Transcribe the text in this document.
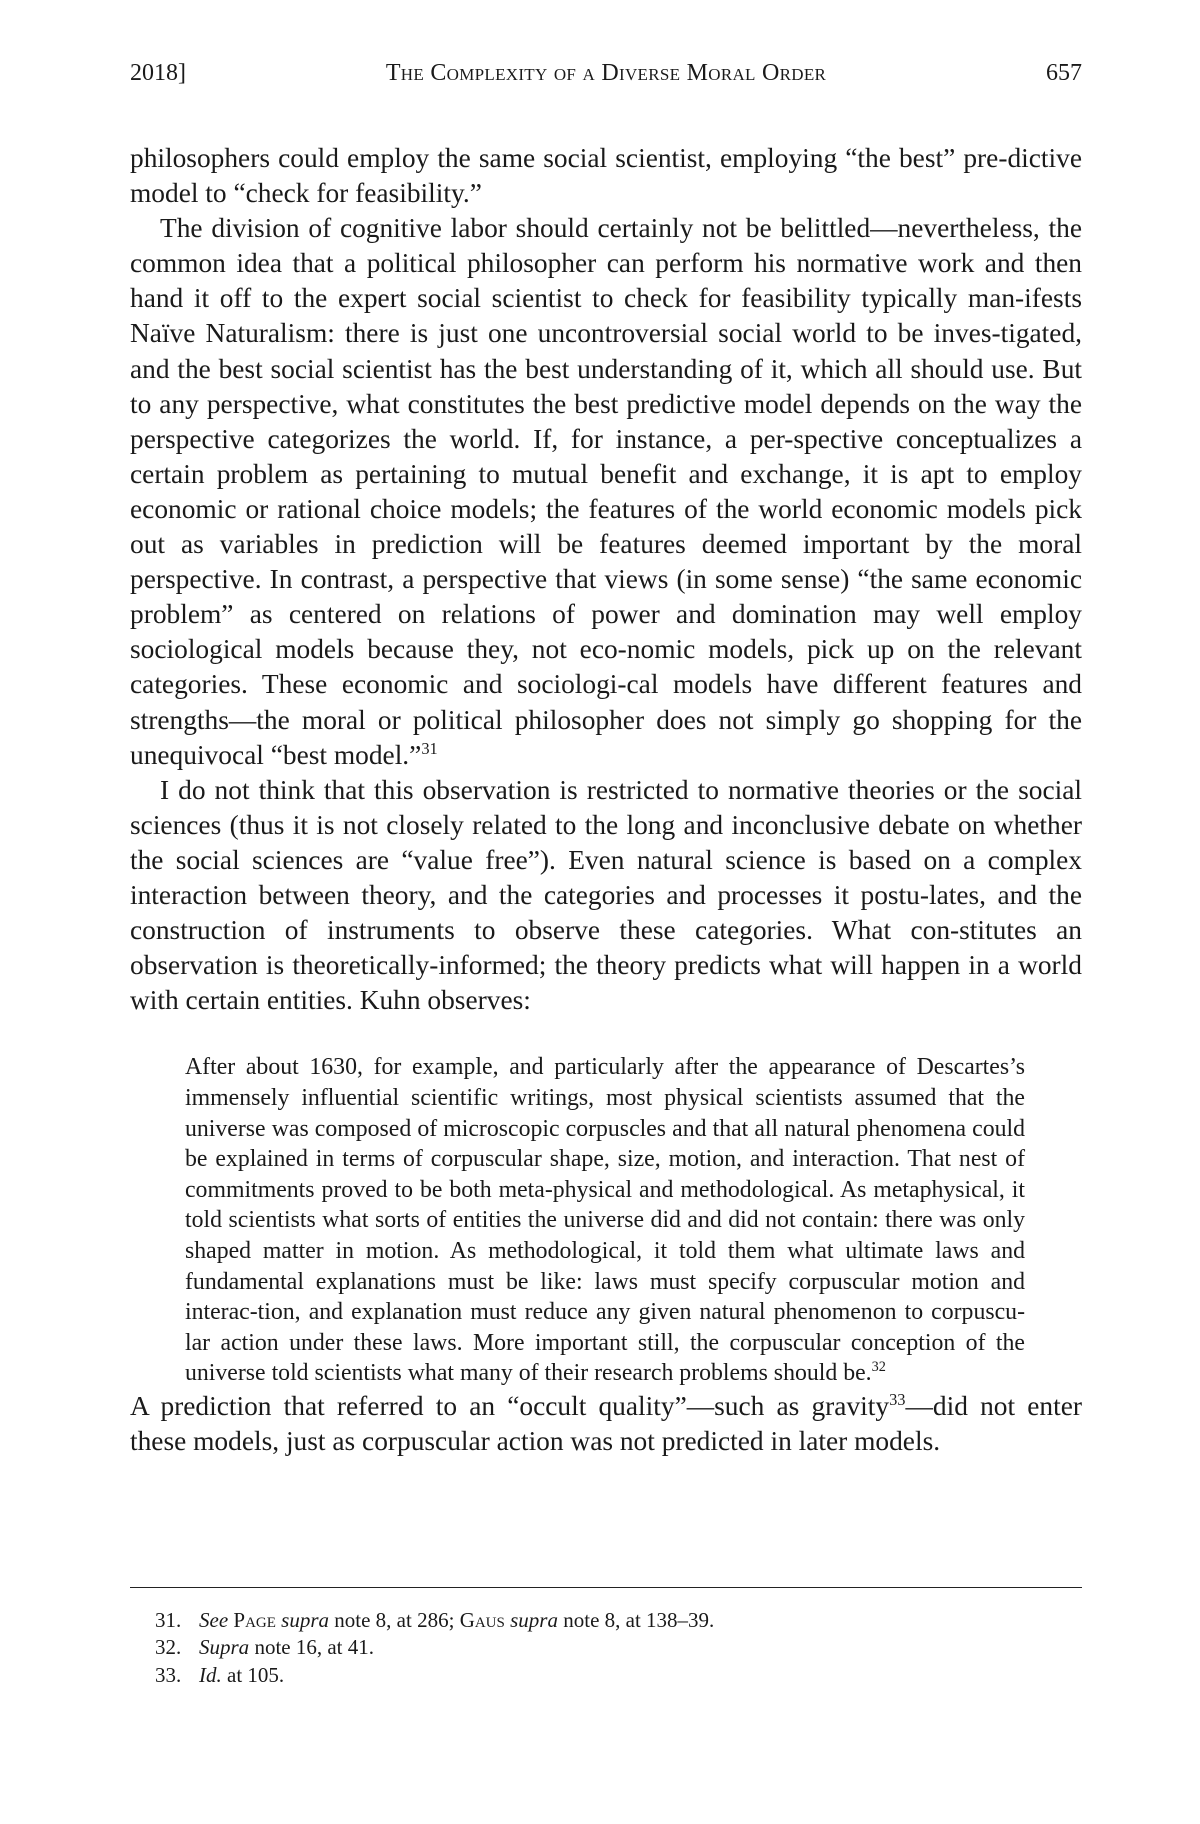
2018]	The Complexity of a Diverse Moral Order	657

philosophers could employ the same social scientist, employing “the best” pre-dictive model to “check for feasibility.”

The division of cognitive labor should certainly not be belittled—nevertheless, the common idea that a political philosopher can perform his normative work and then hand it off to the expert social scientist to check for feasibility typically man-ifests Naïve Naturalism: there is just one uncontroversial social world to be inves-tigated, and the best social scientist has the best understanding of it, which all should use. But to any perspective, what constitutes the best predictive model depends on the way the perspective categorizes the world. If, for instance, a per-spective conceptualizes a certain problem as pertaining to mutual benefit and exchange, it is apt to employ economic or rational choice models; the features of the world economic models pick out as variables in prediction will be features deemed important by the moral perspective. In contrast, a perspective that views (in some sense) “the same economic problem” as centered on relations of power and domination may well employ sociological models because they, not eco-nomic models, pick up on the relevant categories. These economic and sociologi-cal models have different features and strengths—the moral or political philosopher does not simply go shopping for the unequivocal “best model.”$^{31}$

I do not think that this observation is restricted to normative theories or the social sciences (thus it is not closely related to the long and inconclusive debate on whether the social sciences are “value free”). Even natural science is based on a complex interaction between theory, and the categories and processes it postu-lates, and the construction of instruments to observe these categories. What con-stitutes an observation is theoretically-informed; the theory predicts what will happen in a world with certain entities. Kuhn observes:

After about 1630, for example, and particularly after the appearance of Descartes’s immensely influential scientific writings, most physical scientists assumed that the universe was composed of microscopic corpuscles and that all natural phenomena could be explained in terms of corpuscular shape, size, motion, and interaction. That nest of commitments proved to be both meta-physical and methodological. As metaphysical, it told scientists what sorts of entities the universe did and did not contain: there was only shaped matter in motion. As methodological, it told them what ultimate laws and fundamental explanations must be like: laws must specify corpuscular motion and interac-tion, and explanation must reduce any given natural phenomenon to corpuscu-lar action under these laws. More important still, the corpuscular conception of the universe told scientists what many of their research problems should be.$^{32}$

A prediction that referred to an “occult quality”—such as gravity$^{33}$—did not enter these models, just as corpuscular action was not predicted in later models.

31. See Page supra note 8, at 286; Gaus supra note 8, at 138–39.

32. Supra note 16, at 41.

33. Id. at 105.
